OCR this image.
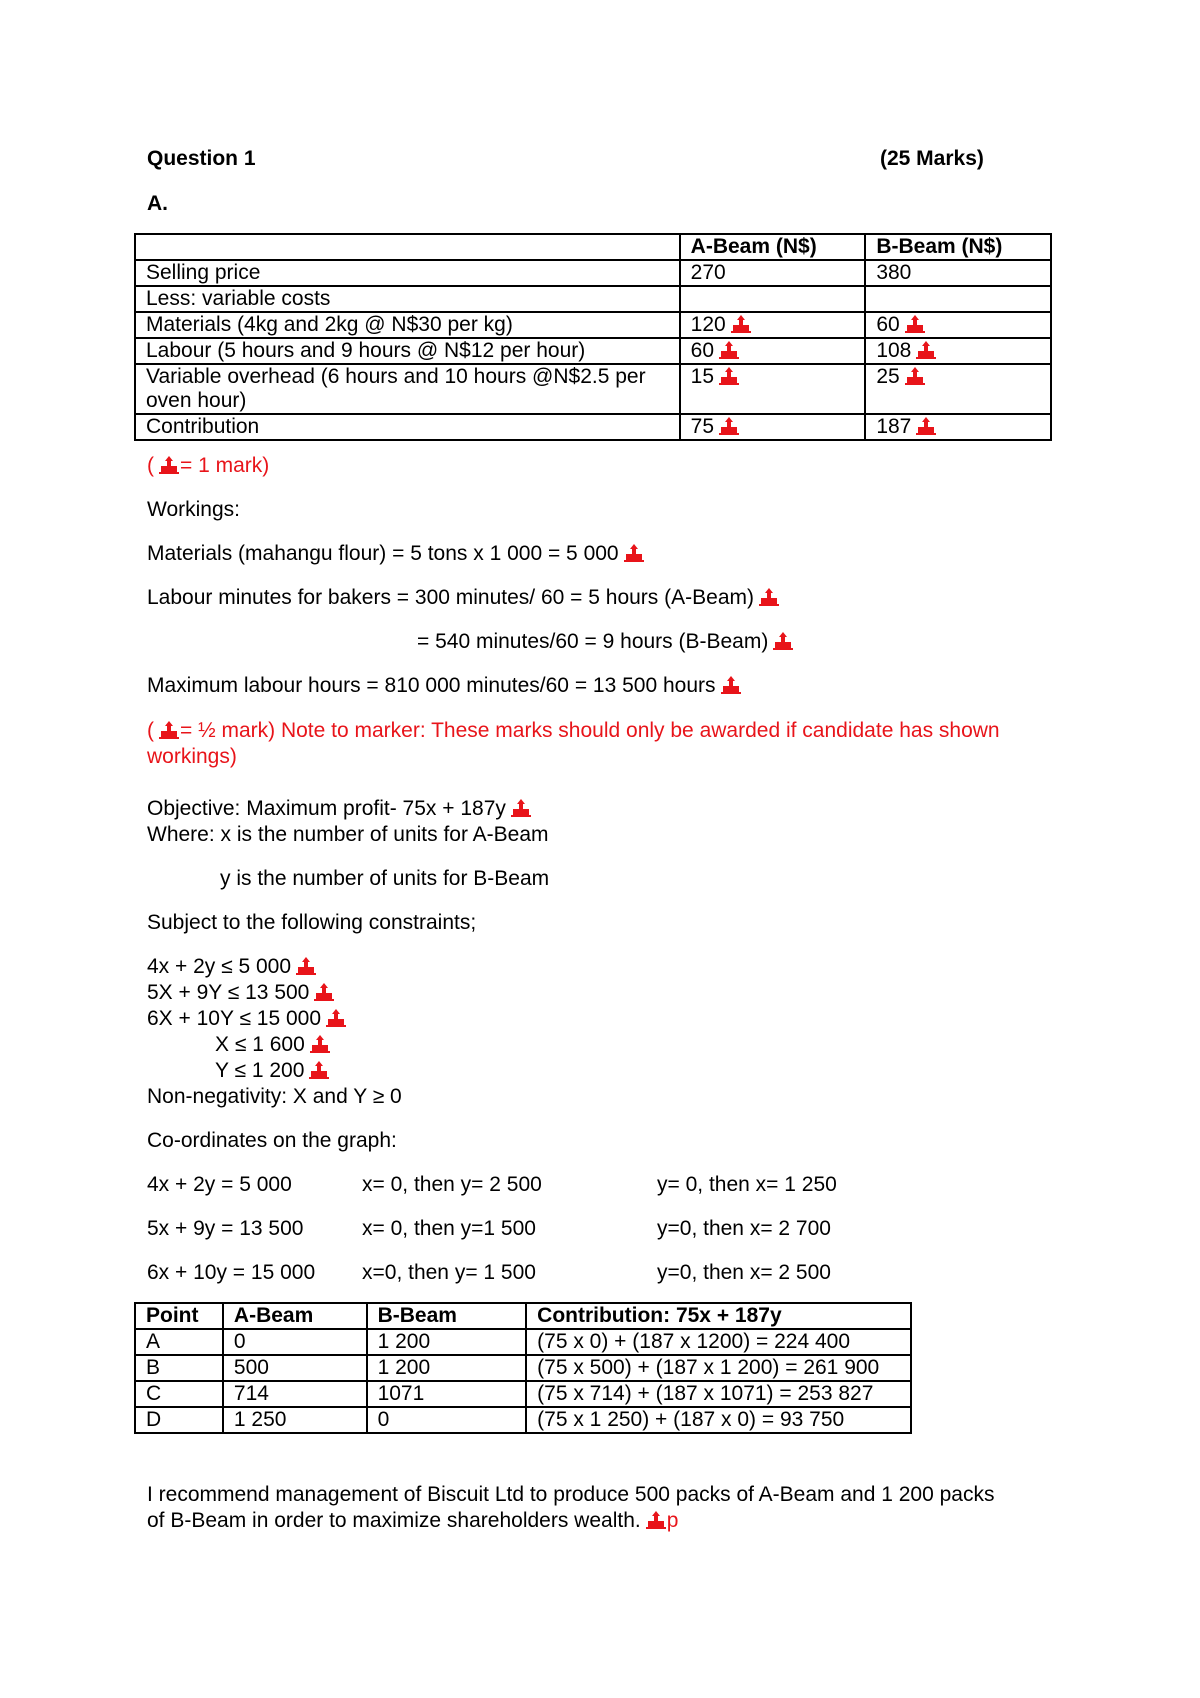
Question 1	(25 Marks)
A.
	A-Beam (N$)	B-Beam (N$)
Selling price	270	380
Less: variable costs		
Materials (4kg and 2kg @ N$30 per kg)	120	60

Labour (5 hours and 9 hours @ N$12 per hour)	60	108

Variable overhead (6 hours and 10 hours @N$2.5 per oven hour)	15	25

Contribution	75	187
( = 1 mark)
Workings:
Materials (mahangu flour) = 5 tons x 1 000 = 5 000
Labour minutes for bakers = 300 minutes/ 60 = 5 hours (A-Beam)
= 540 minutes/60 = 9 hours (B-Beam)
Maximum labour hours = 810 000 minutes/60 = 13 500 hours
( = ½ mark) Note to marker: These marks should only be awarded if candidate has shown
workings)
Objective: Maximum profit- 75x + 187y
Where: x is the number of units for A-Beam
y is the number of units for B-Beam
Subject to the following constraints;
4x + 2y ≤ 5 000
5X + 9Y ≤ 13 500
6X + 10Y ≤ 15 000
X ≤ 1 600
Y ≤ 1 200
Non-negativity: X and Y ≥ 0
Co-ordinates on the graph:
4x + 2y = 5 000	x= 0, then y= 2 500	y= 0, then x= 1 250
5x + 9y = 13 500	x= 0, then y=1 500	y=0, then x= 2 700
6x + 10y = 15 000 x=0, then y= 1 500	y=0, then x= 2 500
Point	A-Beam	B-Beam	Contribution: 75x + 187y
A	0	1 200	(75 x 0) + (187 x 1200) = 224 400
B	500	1 200	(75 x 500) + (187 x 1 200) = 261 900
C	714	1071	(75 x 714) + (187 x 1071) = 253 827
D	1 250	0	(75 x 1 250) + (187 x 0) = 93 750
I recommend management of Biscuit Ltd to produce 500 packs of A-Beam and 1 200 packs
of B-Beam in order to maximize shareholders wealth. p
